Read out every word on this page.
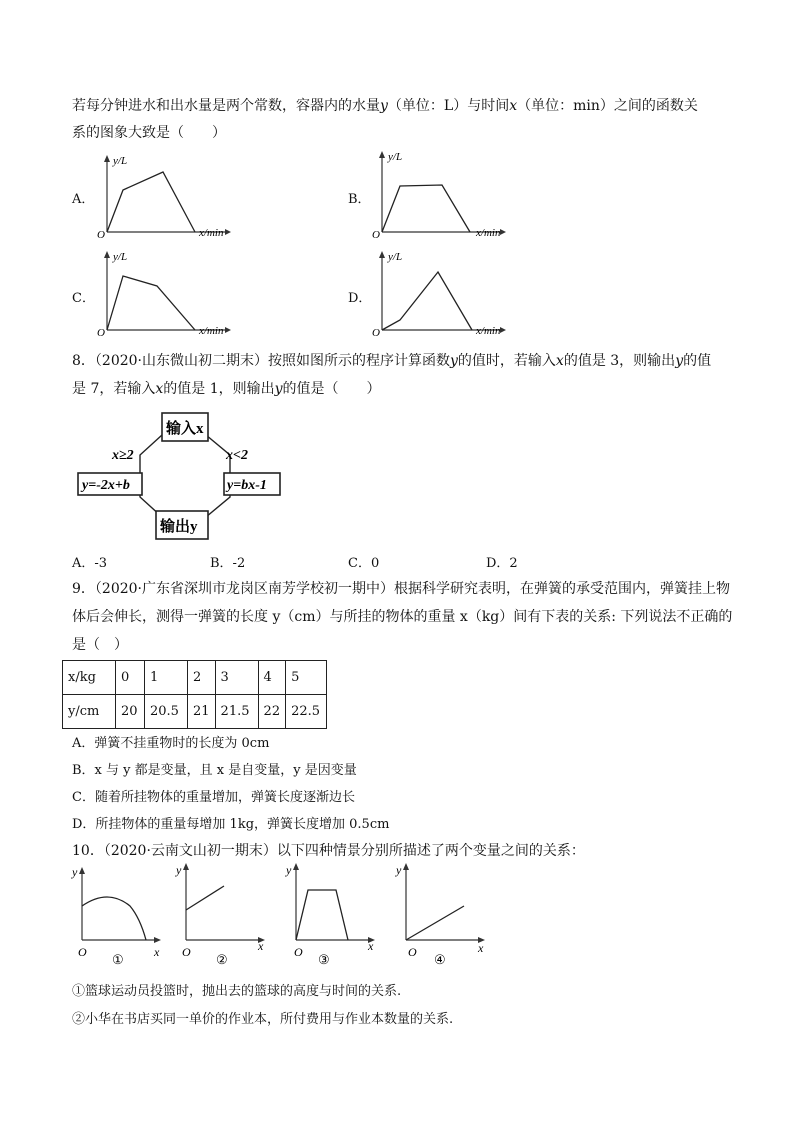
若每分钟进水和出水量是两个常数，容器内的水量y（单位：L）与时间x（单位：min）之间的函数关
系的图象大致是（　　）
A．	B．
C．	D．
y/L
O	x/min
y/L
O	x/min
y/L
O	x/min
y/L
O	x/min
8．（2020·山东微山初二期末）按照如图所示的程序计算函数y的值时，若输入x的值是 3，则输出y的值
是 7，若输入x的值是 1，则输出y的值是（　　）
输入x
输出y
y=-2x+b	y=bx-1
x≥2	x<2
A．-3	B．-2	C．0	D．2
9．（2020·广东省深圳市龙岗区南芳学校初一期中）根据科学研究表明，在弹簧的承受范围内，弹簧挂上物
体后会伸长，测得一弹簧的长度 y（cm）与所挂的物体的重量 x（kg）间有下表的关系: 下列说法不正确的
是（　）
x/kg	0	1	2	3	4	5
y/cm	20	20.5	21	21.5	22	22.5
A．弹簧不挂重物时的长度为 0cm
B．x 与 y 都是变量，且 x 是自变量，y 是因变量
C．随着所挂物体的重量增加，弹簧长度逐渐边长
D．所挂物体的重量每增加 1kg，弹簧长度增加 0.5cm
10．（2020·云南文山初一期末）以下四种情景分别所描述了两个变量之间的关系：
y
x
O ①
y
x
O ②
y
x
O ③
y
x
O ④
①篮球运动员投篮时，抛出去的篮球的高度与时间的关系.
②小华在书店买同一单价的作业本，所付费用与作业本数量的关系.
